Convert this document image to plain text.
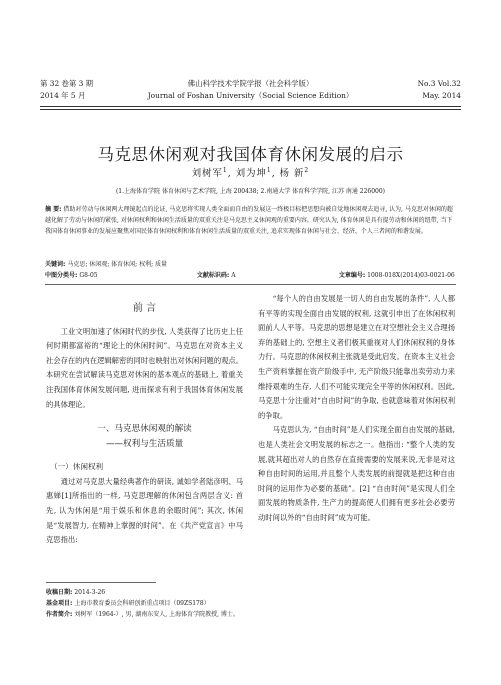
第 32 卷第 3 期
2014 年 5 月
佛山科学技术学院学报（社会科学版）
Journal of Foshan University（Social Science Edition）
No.3 Vol.32
May. 2014
马克思休闲观对我国体育休闲发展的启示
刘树军$^1$, 刘为坤$^1$, 杨 新$^2$
(1.上海体育学院 体育休闲与艺术学院, 上海 200438; 2.南通大学 体育科学学院, 江苏 南通 226000)
摘 要: 借助对劳动与休闲两大理镜起点的论证, 马克思将实现人类全面而自由的发展这一终极目标把思想向被自觉地休闲观去追寻, 认为, 马克思对休闲的超越化解了劳动与休闲的紧张, 对休闲权利和休闲生活质量的双重关注是马克思主义休闲观的重要内容。研究认为, 体育休闲是具有提劳动和休闲的纽带, 当下我国体育休闲事业的发展应聚焦对国民体育休闲权利和体育休闲生活质量的双重关注, 追求实现体育休闲与社会、经济、个人三者间的和谐发展。
关键词: 马克思; 休闲观; 体育休闲; 权利; 质量
中图分类号: G8-05	文献标识码: A	文章编号: 1008-018X(2014)03-0021-06
前 言

工业文明加速了休闲时代的步伐, 人类获得了比历史上任何时期都富裕的“理论上的休闲时间”。马克思在对资本主义社会存在的内在逻辑解密的同时也映射出对休闲问题的观点。本研究在尝试解读马克思对休闲的基本观点的基础上, 着重关注我国体育休闲发展问题, 进而探求有利于我国体育休闲发展的具体理论。

一、马克思休闲观的解读
——权利与生活质量
（一）休闲权利

通过对马克思大量经典著作的研读, 诚如学者陆彦明、马惠娣[1]所指出的一样, 马克思理解的休闲包含两层含义: 首先, 认为休闲是“用于娱乐和休息的余暇时间”; 其次, 休闲是“发展智力, 在精神上掌握的时间”。在《共产党宣言》中马克思指出:

“每个人的自由发展是一切人的自由发展的条件”, 人人都有平等的实现全面自由发展的权利, 这就引申出了在休闲权利面前人人平等。马克思的思想是建立在对空想社会主义合理扬弃的基础上的, 空想主义者们极其重视对人们休闲权利的身体力行。马克思的休闲权利主张就是受此启发。在资本主义社会生产资料掌握在资产阶级手中, 无产阶级只能靠出卖劳动力来维持艰难的生存, 人们不可能实现完全平等的休闲权利。因此, 马克思十分注重对“自由时间”的争取, 也就意味着对休闲权利的争取。

马克思认为, “自由时间”是人们实现全面自由发展的基础, 也是人类社会文明发展的标志之一。他指出: “整个人类的发展,就其超出对人的自然存在直接需要的发展来说,无非是对这种自由时间的运用,并且整个人类发展的前提就是把这种自由时间的运用作为必要的基础”。[2] “自由时间”是实现人们全面发展的物质条件, 生产力的提高使人们拥有更多社会必要劳动时间以外的“自由时间”成为可能。

收稿日期: 2014-3-26
基金项目: 上海市教育委员会科研创新重点项目（09ZS178）
作者简介: 刘树军（1964-）, 男, 湖南东安人, 上海体育学院教授, 博士。
